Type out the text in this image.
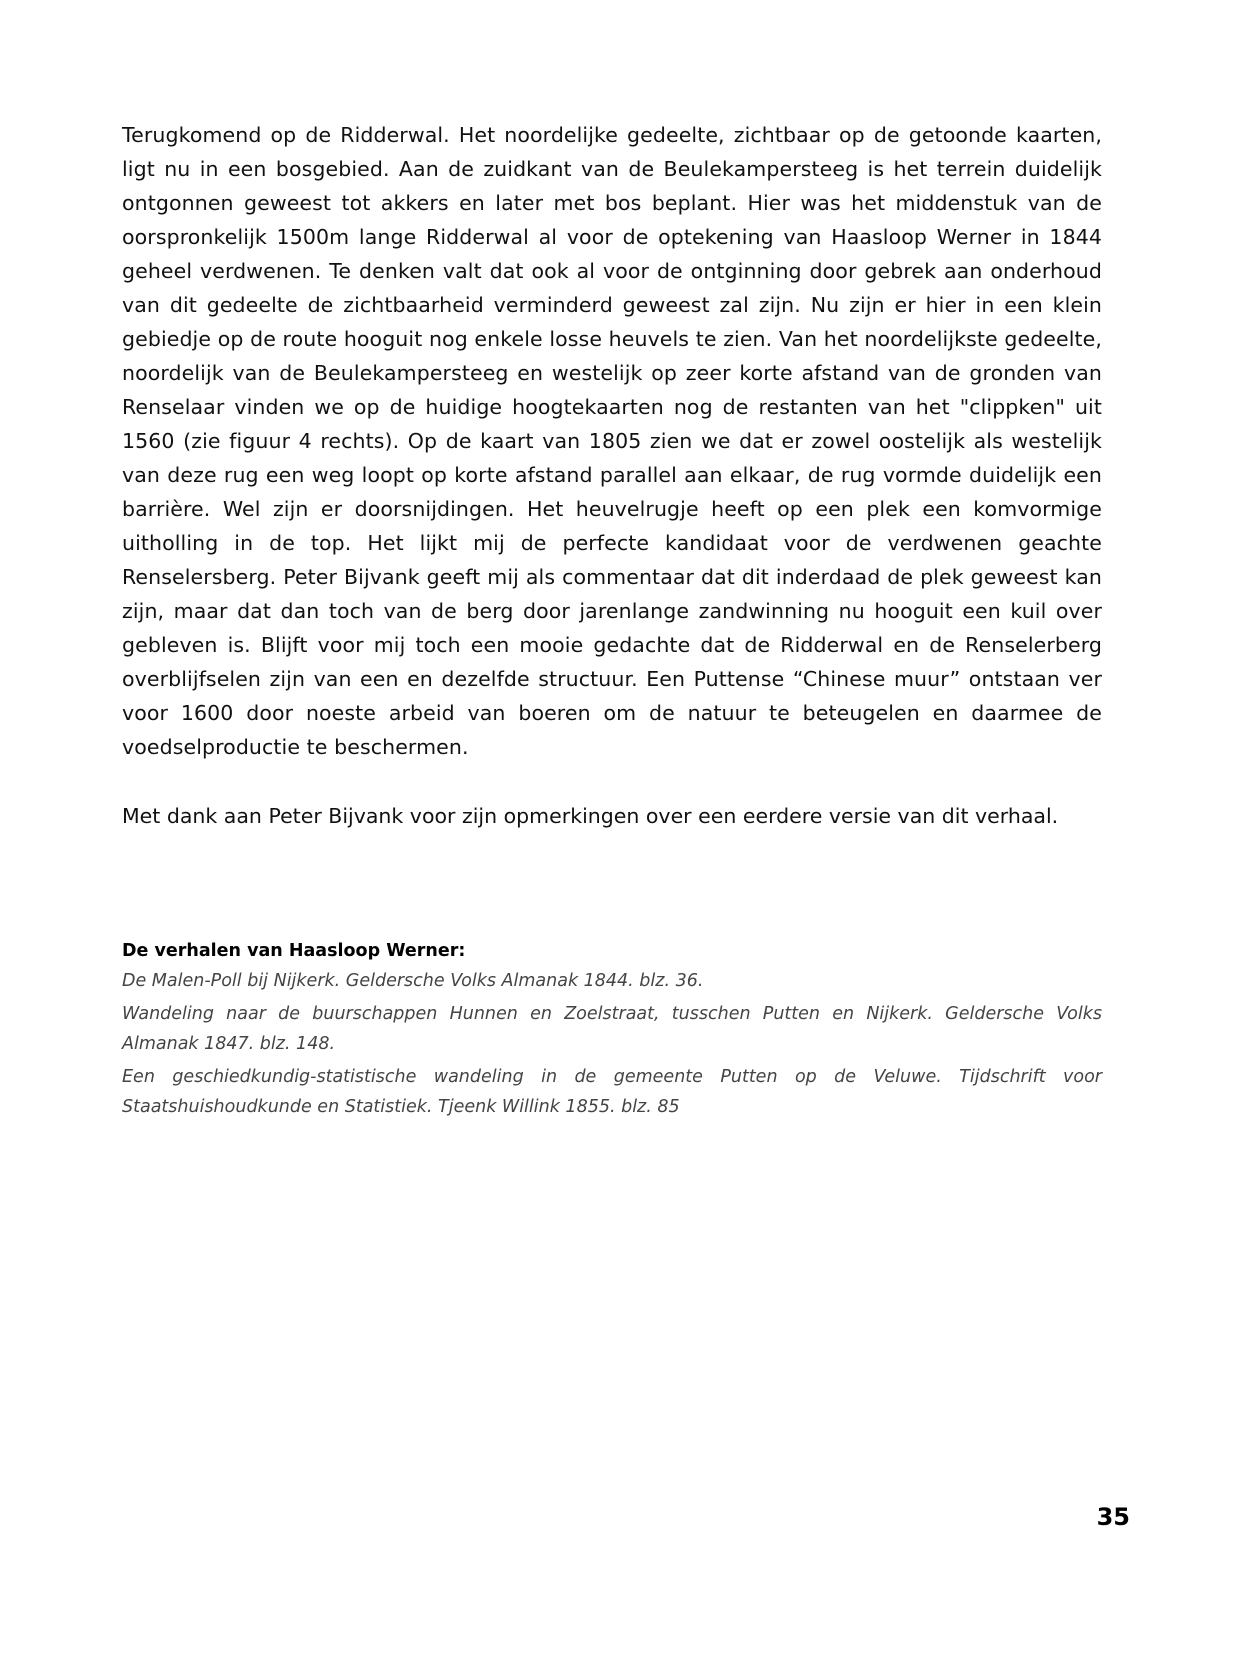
Terugkomend op de Ridderwal. Het noordelijke gedeelte, zichtbaar op de getoonde kaarten, ligt nu in een bosgebied. Aan de zuidkant van de Beulekampersteeg is het terrein duidelijk ontgonnen geweest tot akkers en later met bos beplant. Hier was het middenstuk van de oorspronkelijk 1500m lange Ridderwal al voor de optekening van Haasloop Werner in 1844 geheel verdwenen. Te denken valt dat ook al voor de ontginning door gebrek aan onderhoud van dit gedeelte de zichtbaarheid verminderd geweest zal zijn. Nu zijn er hier in een klein gebiedje op de route hooguit nog enkele losse heuvels te zien. Van het noordelijkste gedeelte, noordelijk van de Beulekampersteeg en westelijk op zeer korte afstand van de gronden van Renselaar vinden we op de huidige hoogtekaarten nog de restanten van het "clippken" uit 1560 (zie figuur 4 rechts). Op de kaart van 1805 zien we dat er zowel oostelijk als westelijk van deze rug een weg loopt op korte afstand parallel aan elkaar, de rug vormde duidelijk een barrière. Wel zijn er doorsnijdingen. Het heuvelrugje heeft op een plek een komvormige uitholling in de top. Het lijkt mij de perfecte kandidaat voor de verdwenen geachte Renselersberg. Peter Bijvank geeft mij als commentaar dat dit inderdaad de plek geweest kan zijn, maar dat dan toch van de berg door jarenlange zandwinning nu hooguit een kuil over gebleven is. Blijft voor mij toch een mooie gedachte dat de Ridderwal en de Renselerberg overblijfselen zijn van een en dezelfde structuur. Een Puttense “Chinese muur” ontstaan ver voor 1600 door noeste arbeid van boeren om de natuur te beteugelen en daarmee de voedselproductie te beschermen.

Met dank aan Peter Bijvank voor zijn opmerkingen over een eerdere versie van dit verhaal.

De verhalen van Haasloop Werner:

De Malen-Poll bij Nijkerk. Geldersche Volks Almanak 1844. blz. 36.

Wandeling naar de buurschappen Hunnen en Zoelstraat, tusschen Putten en Nijkerk. Geldersche Volks Almanak 1847. blz. 148.

Een geschiedkundig-statistische wandeling in de gemeente Putten op de Veluwe. Tijdschrift voor Staatshuishoudkunde en Statistiek. Tjeenk Willink 1855. blz. 85

35
